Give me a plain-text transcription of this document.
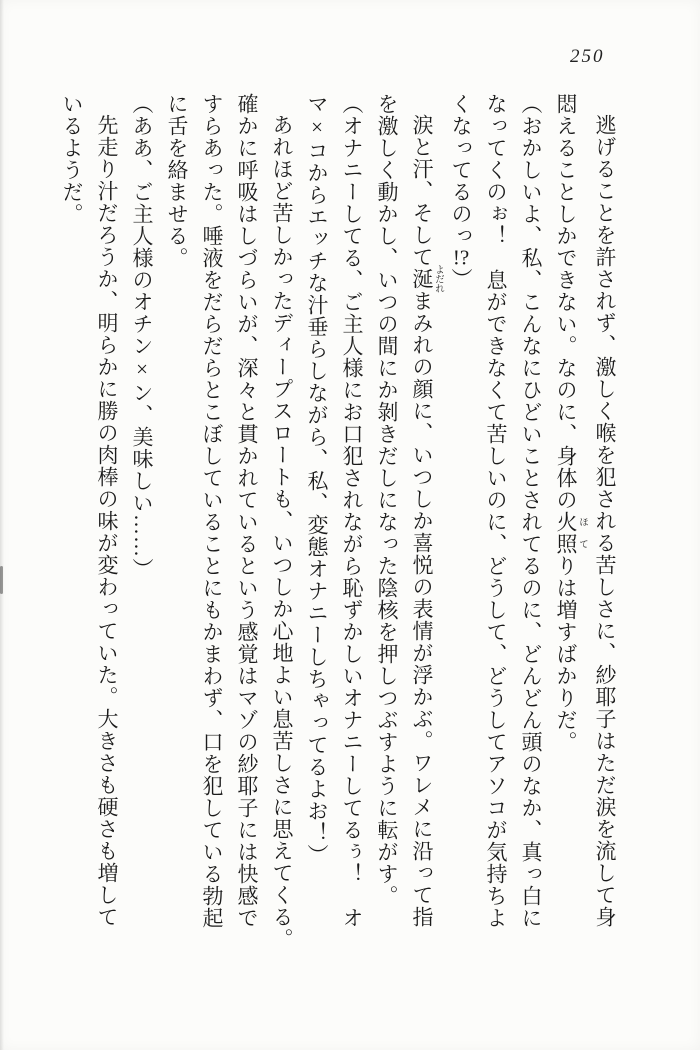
250

逃げることを許されず、激しく喉を犯される苦しさに、紗耶子はただ涙を流して身

悶えることしかできない。なのに、身体の火照 ほてりは増すばかりだ。

（おかしいよ、私、こんなにひどいことされてるのに、どんどん頭のなか、真っ白に

なってくのぉ！　息ができなくて苦しいのに、どうして、どうしてアソコが気持ちよ

くなってるのっ!?）

涙と汗、そして涎 よだれまみれの顔に、いつしか喜悦の表情が浮かぶ。ワレメに沿って指

を激しく動かし、いつの間にか剝きだしになった陰核を押しつぶすように転がす。

（オナニーしてる、ご主人様にお口犯されながら恥ずかしいオナニーしてるぅ！　オ

マ×コからエッチな汁垂らしながら、私、変態オナニーしちゃってるよお！）

あれほど苦しかったディープスロートも、いつしか心地よい息苦しさに思えてくる。

確かに呼吸はしづらいが、深々と貫かれているという感覚はマゾの紗耶子には快感で

すらあった。唾液をだらだらとこぼしていることにもかまわず、口を犯している勃起

に舌を絡ませる。

（ああ、ご主人様のオチン×ン、美味しい……）

先走り汁だろうか、明らかに勝の肉棒の味が変わっていた。大きさも硬さも増して

いるようだ。
